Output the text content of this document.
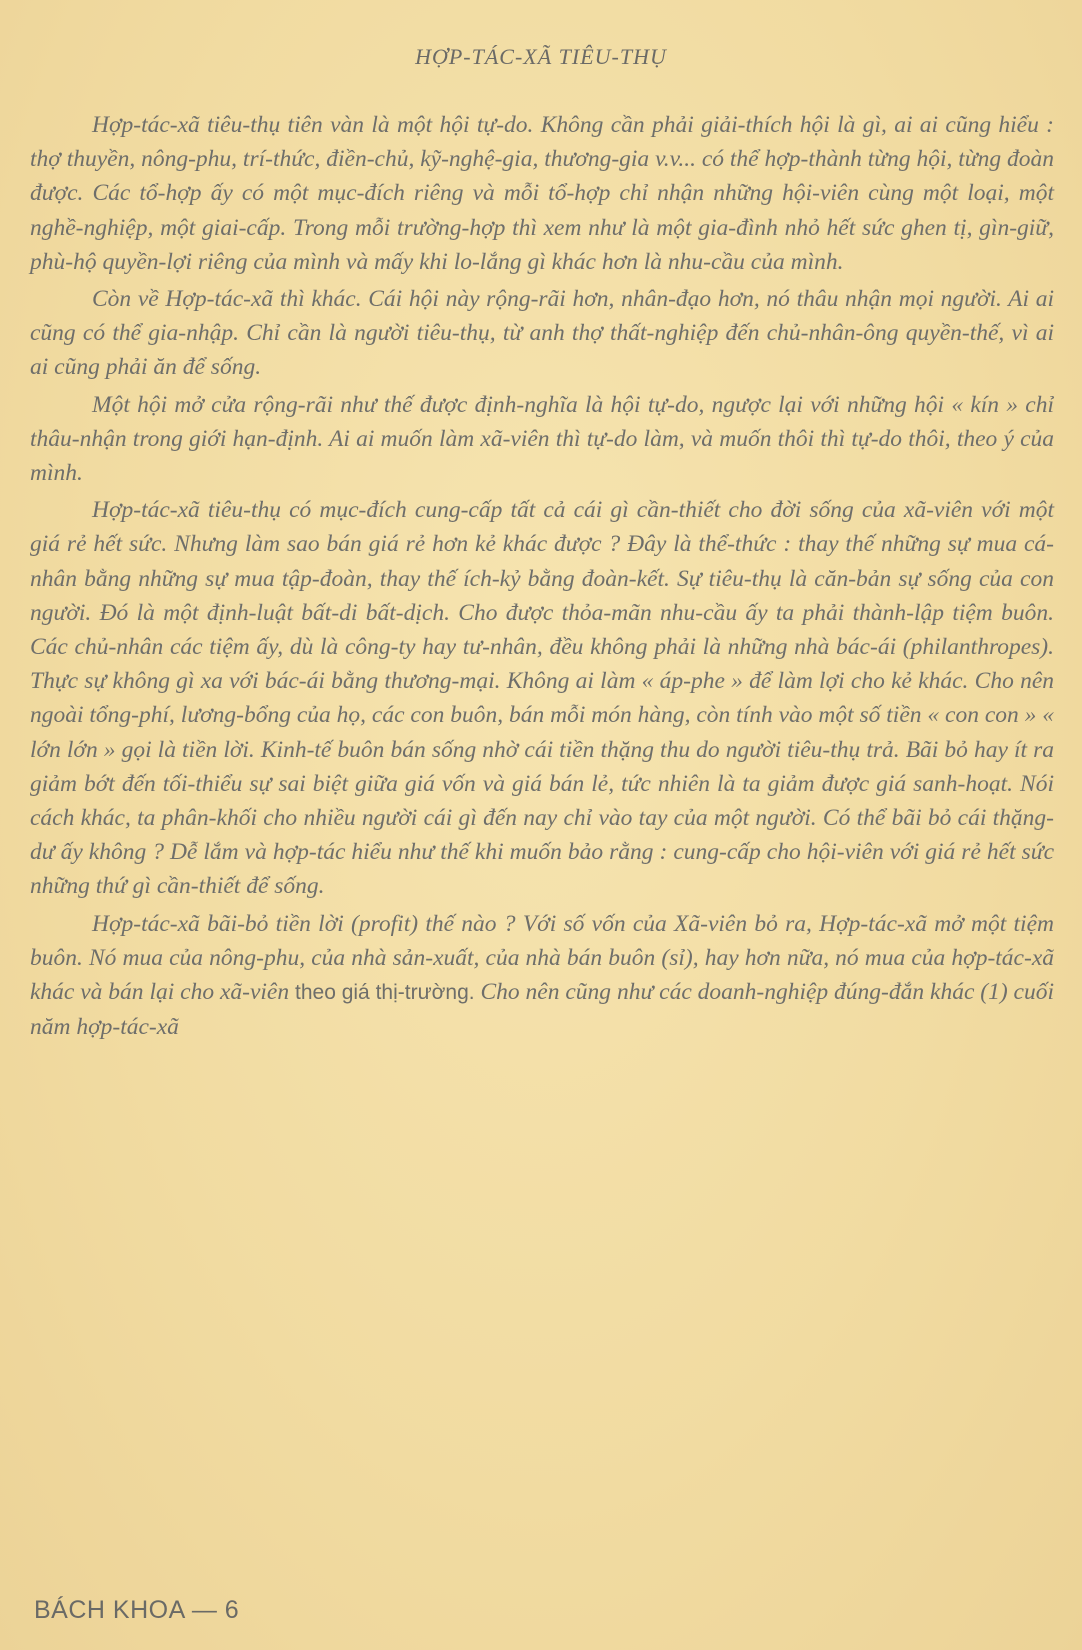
HỢP-TÁC-XÃ TIÊU-THỤ

Hợp-tác-xã tiêu-thụ tiên vàn là một hội tự-do. Không cần phải giải-thích hội là gì, ai ai cũng hiểu : thợ thuyền, nông-phu, trí-thức, điền-chủ, kỹ-nghệ-gia, thương-gia v.v... có thể hợp-thành từng hội, từng đoàn được. Các tổ-hợp ấy có một mục-đích riêng và mỗi tổ-hợp chỉ nhận những hội-viên cùng một loại, một nghề-nghiệp, một giai-cấp. Trong mỗi trường-hợp thì xem như là một gia-đình nhỏ hết sức ghen tị, gìn-giữ, phù-hộ quyền-lợi riêng của mình và mấy khi lo-lắng gì khác hơn là nhu-cầu của mình.

Còn về Hợp-tác-xã thì khác. Cái hội này rộng-rãi hơn, nhân-đạo hơn, nó thâu nhận mọi người. Ai ai cũng có thể gia-nhập. Chỉ cần là người tiêu-thụ, từ anh thợ thất-nghiệp đến chủ-nhân-ông quyền-thế, vì ai ai cũng phải ăn để sống.

Một hội mở cửa rộng-rãi như thế được định-nghĩa là hội tự-do, ngược lại với những hội « kín » chỉ thâu-nhận trong giới hạn-định. Ai ai muốn làm xã-viên thì tự-do làm, và muốn thôi thì tự-do thôi, theo ý của mình.

Hợp-tác-xã tiêu-thụ có mục-đích cung-cấp tất cả cái gì cần-thiết cho đời sống của xã-viên với một giá rẻ hết sức. Nhưng làm sao bán giá rẻ hơn kẻ khác được ? Đây là thể-thức : thay thế những sự mua cá-nhân bằng những sự mua tập-đoàn, thay thế ích-kỷ bằng đoàn-kết. Sự tiêu-thụ là căn-bản sự sống của con người. Đó là một định-luật bất-di bất-dịch. Cho được thỏa-mãn nhu-cầu ấy ta phải thành-lập tiệm buôn. Các chủ-nhân các tiệm ấy, dù là công-ty hay tư-nhân, đều không phải là những nhà bác-ái (philanthropes). Thực sự không gì xa với bác-ái bằng thương-mại. Không ai làm « áp-phe » để làm lợi cho kẻ khác. Cho nên ngoài tổng-phí, lương-bổng của họ, các con buôn, bán mỗi món hàng, còn tính vào một số tiền « con con » « lớn lớn » gọi là tiền lời. Kinh-tế buôn bán sống nhờ cái tiền thặng thu do người tiêu-thụ trả. Bãi bỏ hay ít ra giảm bớt đến tối-thiểu sự sai biệt giữa giá vốn và giá bán lẻ, tức nhiên là ta giảm được giá sanh-hoạt. Nói cách khác, ta phân-khối cho nhiều người cái gì đến nay chỉ vào tay của một người. Có thể bãi bỏ cái thặng-dư ấy không ? Dễ lắm và hợp-tác hiểu như thế khi muốn bảo rằng : cung-cấp cho hội-viên với giá rẻ hết sức những thứ gì cần-thiết để sống.

Hợp-tác-xã bãi-bỏ tiền lời (profit) thế nào ? Với số vốn của Xã-viên bỏ ra, Hợp-tác-xã mở một tiệm buôn. Nó mua của nông-phu, của nhà sản-xuất, của nhà bán buôn (sỉ), hay hơn nữa, nó mua của hợp-tác-xã khác và bán lại cho xã-viên theo giá thị-trường. Cho nên cũng như các doanh-nghiệp đúng-đắn khác (1) cuối năm hợp-tác-xã

BÁCH KHOA — 6
